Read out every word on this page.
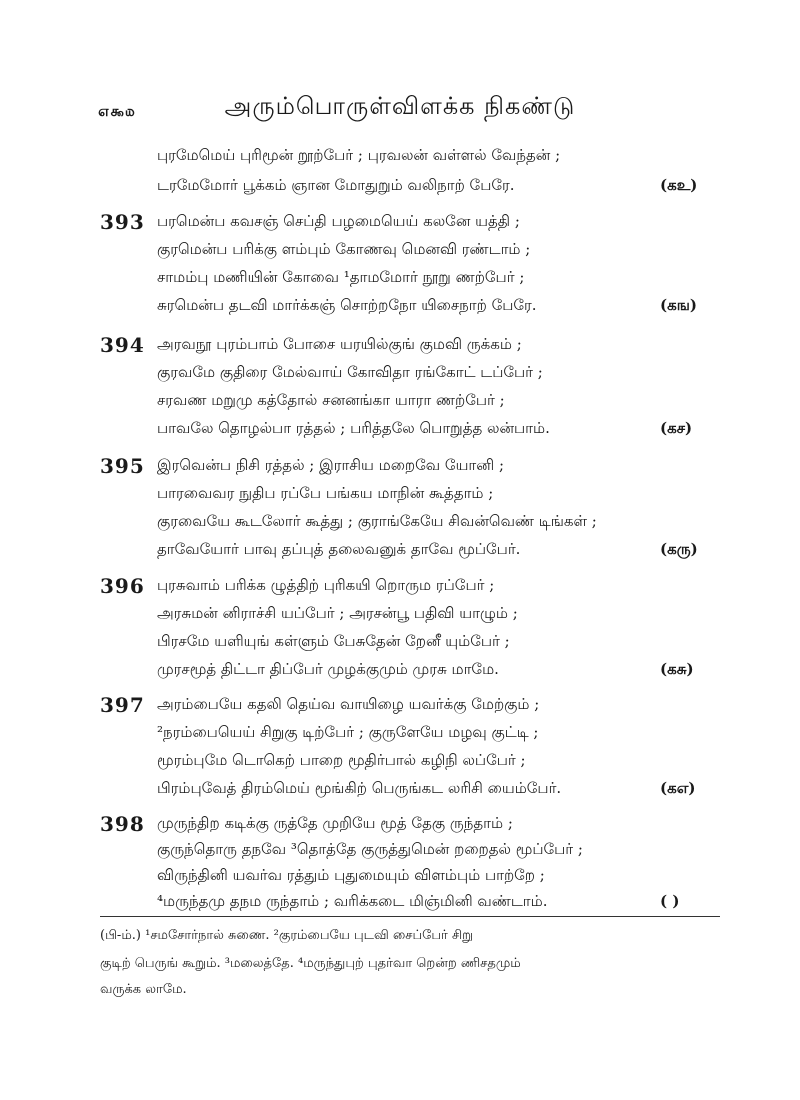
௭௯௰	அரும்பொருள்விளக்க நிகண்டு
புரமேமெய் புரிமூன் றூற்பேர் ; புரவலன் வள்ளல் வேந்தன் ;
டரமேமோர் பூக்கம் ஞான மோதுறும் வலிநாற் பேரே.	(கஉ)
393 பரமென்ப கவசஞ் செப்தி பழமையெய் கலனே யத்தி ;
குரமென்ப பரிக்கு ளம்பும் கோணவு மெனவி ரண்டாம் ;
சாமம்பு மணியின் கோவை ¹தாமமோர் நூறு ணற்பேர் ;
சுரமென்ப தடவி மார்க்கஞ் சொற்றநோ யிசைநாற் பேரே.	(கங)
394 அரவநூ புரம்பாம் போசை யரயில்குங் குமவி ருக்கம் ;
குரவமே குதிரை மேல்வாய் கோவிதா ரங்கோட் டப்பேர் ;
சரவண மறுமு கத்தோல் சனனங்கா யாரா ணற்பேர் ;
பாவலே தொழல்பா ரத்தல் ; பரித்தலே பொறுத்த லன்பாம்.	(கச)
395 இரவென்ப நிசி ரத்தல் ; இராசிய மறைவே யோனி ;
பாரவைவர நுதிப ரப்பே பங்கய மாநின் கூத்தாம் ;
குரவையே கூடலோர் கூத்து ; குராங்கேயே சிவன்வெண் டிங்கள் ;
தாவேயோர் பாவு தப்புத் தலைவனுக் தாவே மூப்பேர்.	(கரு)
396 புரசுவாம் பரிக்க ழுத்திற் புரிகயி றொரும ரப்பேர் ;
அரசுமன் னிராச்சி யப்பேர் ; அரசன்பூ பதிவி யாழும் ;
பிரசமே யளியுங் கள்ளும் பேசுதேன் றேனீ யும்பேர் ;
முரசமூத் திட்டா திப்பேர் முழக்குமும் முரசு மாமே.	(கசு)
397 அரம்பையே கதலி தெய்வ வாயிழை யவர்க்கு மேற்கும் ;
²நரம்பையெய் சிறுகு டிற்பேர் ; குருளேயே மழவு குட்டி ;
மூரம்புமே டொகெற் பாறை மூதிர்பால் கழிநி லப்பேர் ;
பிரம்புவேத் திரம்மெய் மூங்கிற் பெருங்கட லரிசி யைம்பேர்.	(கஎ)
398 முருந்திற கடிக்கு ருத்தே முறியே மூத் தேகு ருந்தாம் ;
குருந்தொரு தநவே ³தொத்தே குருத்துமென் றறைதல் மூப்பேர் ;
விருந்தினி யவர்வ ரத்தும் புதுமையும் விளம்பும் பாற்றே ;
⁴மருந்தமு தநம ருந்தாம் ; வரிக்கடை மிஞ்மினி வண்டாம்.	( )
(பி-ம்.) ¹சமசோர்நால் சுணை. ²குரம்பையே புடவி சைப்பேர் சிறு
குடிற் பெருங் கூறும். ³மலைத்தே. ⁴மருந்துபுற் புதர்வா றென்ற ணிசதமும்
வருக்க லாமே.
